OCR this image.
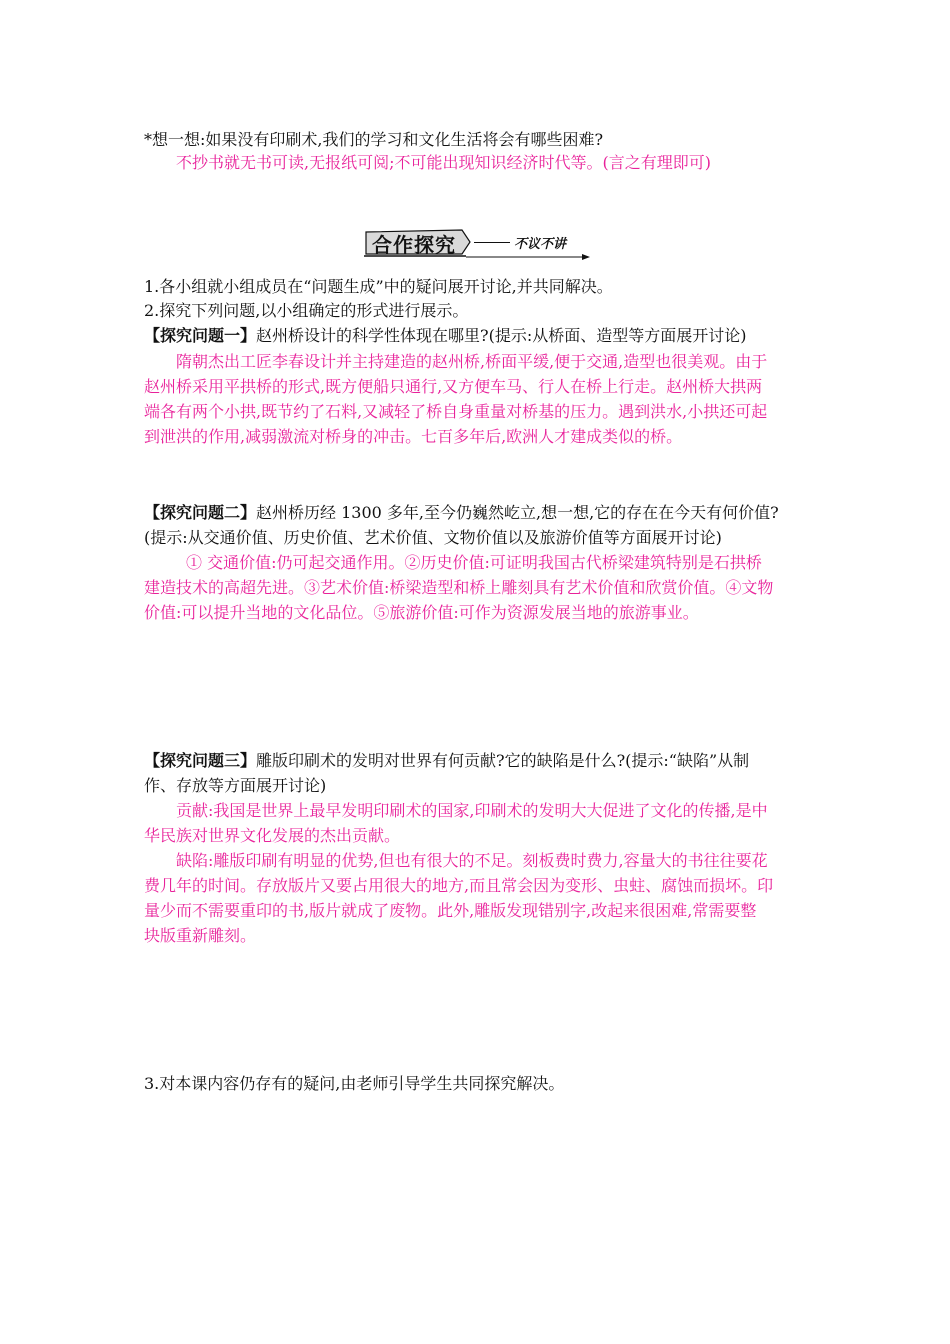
*想一想:如果没有印刷术,我们的学习和文化生活将会有哪些困难?
不抄书就无书可读,无报纸可阅;不可能出现知识经济时代等。(言之有理即可)
合作探究	不议不讲
1.各小组就小组成员在“问题生成”中的疑问展开讨论,并共同解决。
2.探究下列问题,以小组确定的形式进行展示。
【探究问题一】赵州桥设计的科学性体现在哪里?(提示:从桥面、造型等方面展开讨论)
隋朝杰出工匠李春设计并主持建造的赵州桥,桥面平缓,便于交通,造型也很美观。由于
赵州桥采用平拱桥的形式,既方便船只通行,又方便车马、行人在桥上行走。赵州桥大拱两
端各有两个小拱,既节约了石料,又减轻了桥自身重量对桥基的压力。遇到洪水,小拱还可起
到泄洪的作用,减弱激流对桥身的冲击。七百多年后,欧洲人才建成类似的桥。
【探究问题二】赵州桥历经 1300 多年,至今仍巍然屹立,想一想,它的存在在今天有何价值?
(提示:从交通价值、历史价值、艺术价值、文物价值以及旅游价值等方面展开讨论)
① 交通价值:仍可起交通作用。②历史价值:可证明我国古代桥梁建筑特别是石拱桥
建造技术的高超先进。③艺术价值:桥梁造型和桥上雕刻具有艺术价值和欣赏价值。④文物
价值:可以提升当地的文化品位。⑤旅游价值:可作为资源发展当地的旅游事业。
【探究问题三】雕版印刷术的发明对世界有何贡献?它的缺陷是什么?(提示:“缺陷”从制
作、存放等方面展开讨论)
贡献:我国是世界上最早发明印刷术的国家,印刷术的发明大大促进了文化的传播,是中
华民族对世界文化发展的杰出贡献。
缺陷:雕版印刷有明显的优势,但也有很大的不足。刻板费时费力,容量大的书往往要花
费几年的时间。存放版片又要占用很大的地方,而且常会因为变形、虫蛀、腐蚀而损坏。印
量少而不需要重印的书,版片就成了废物。此外,雕版发现错别字,改起来很困难,常需要整
块版重新雕刻。
3.对本课内容仍存有的疑问,由老师引导学生共同探究解决。
